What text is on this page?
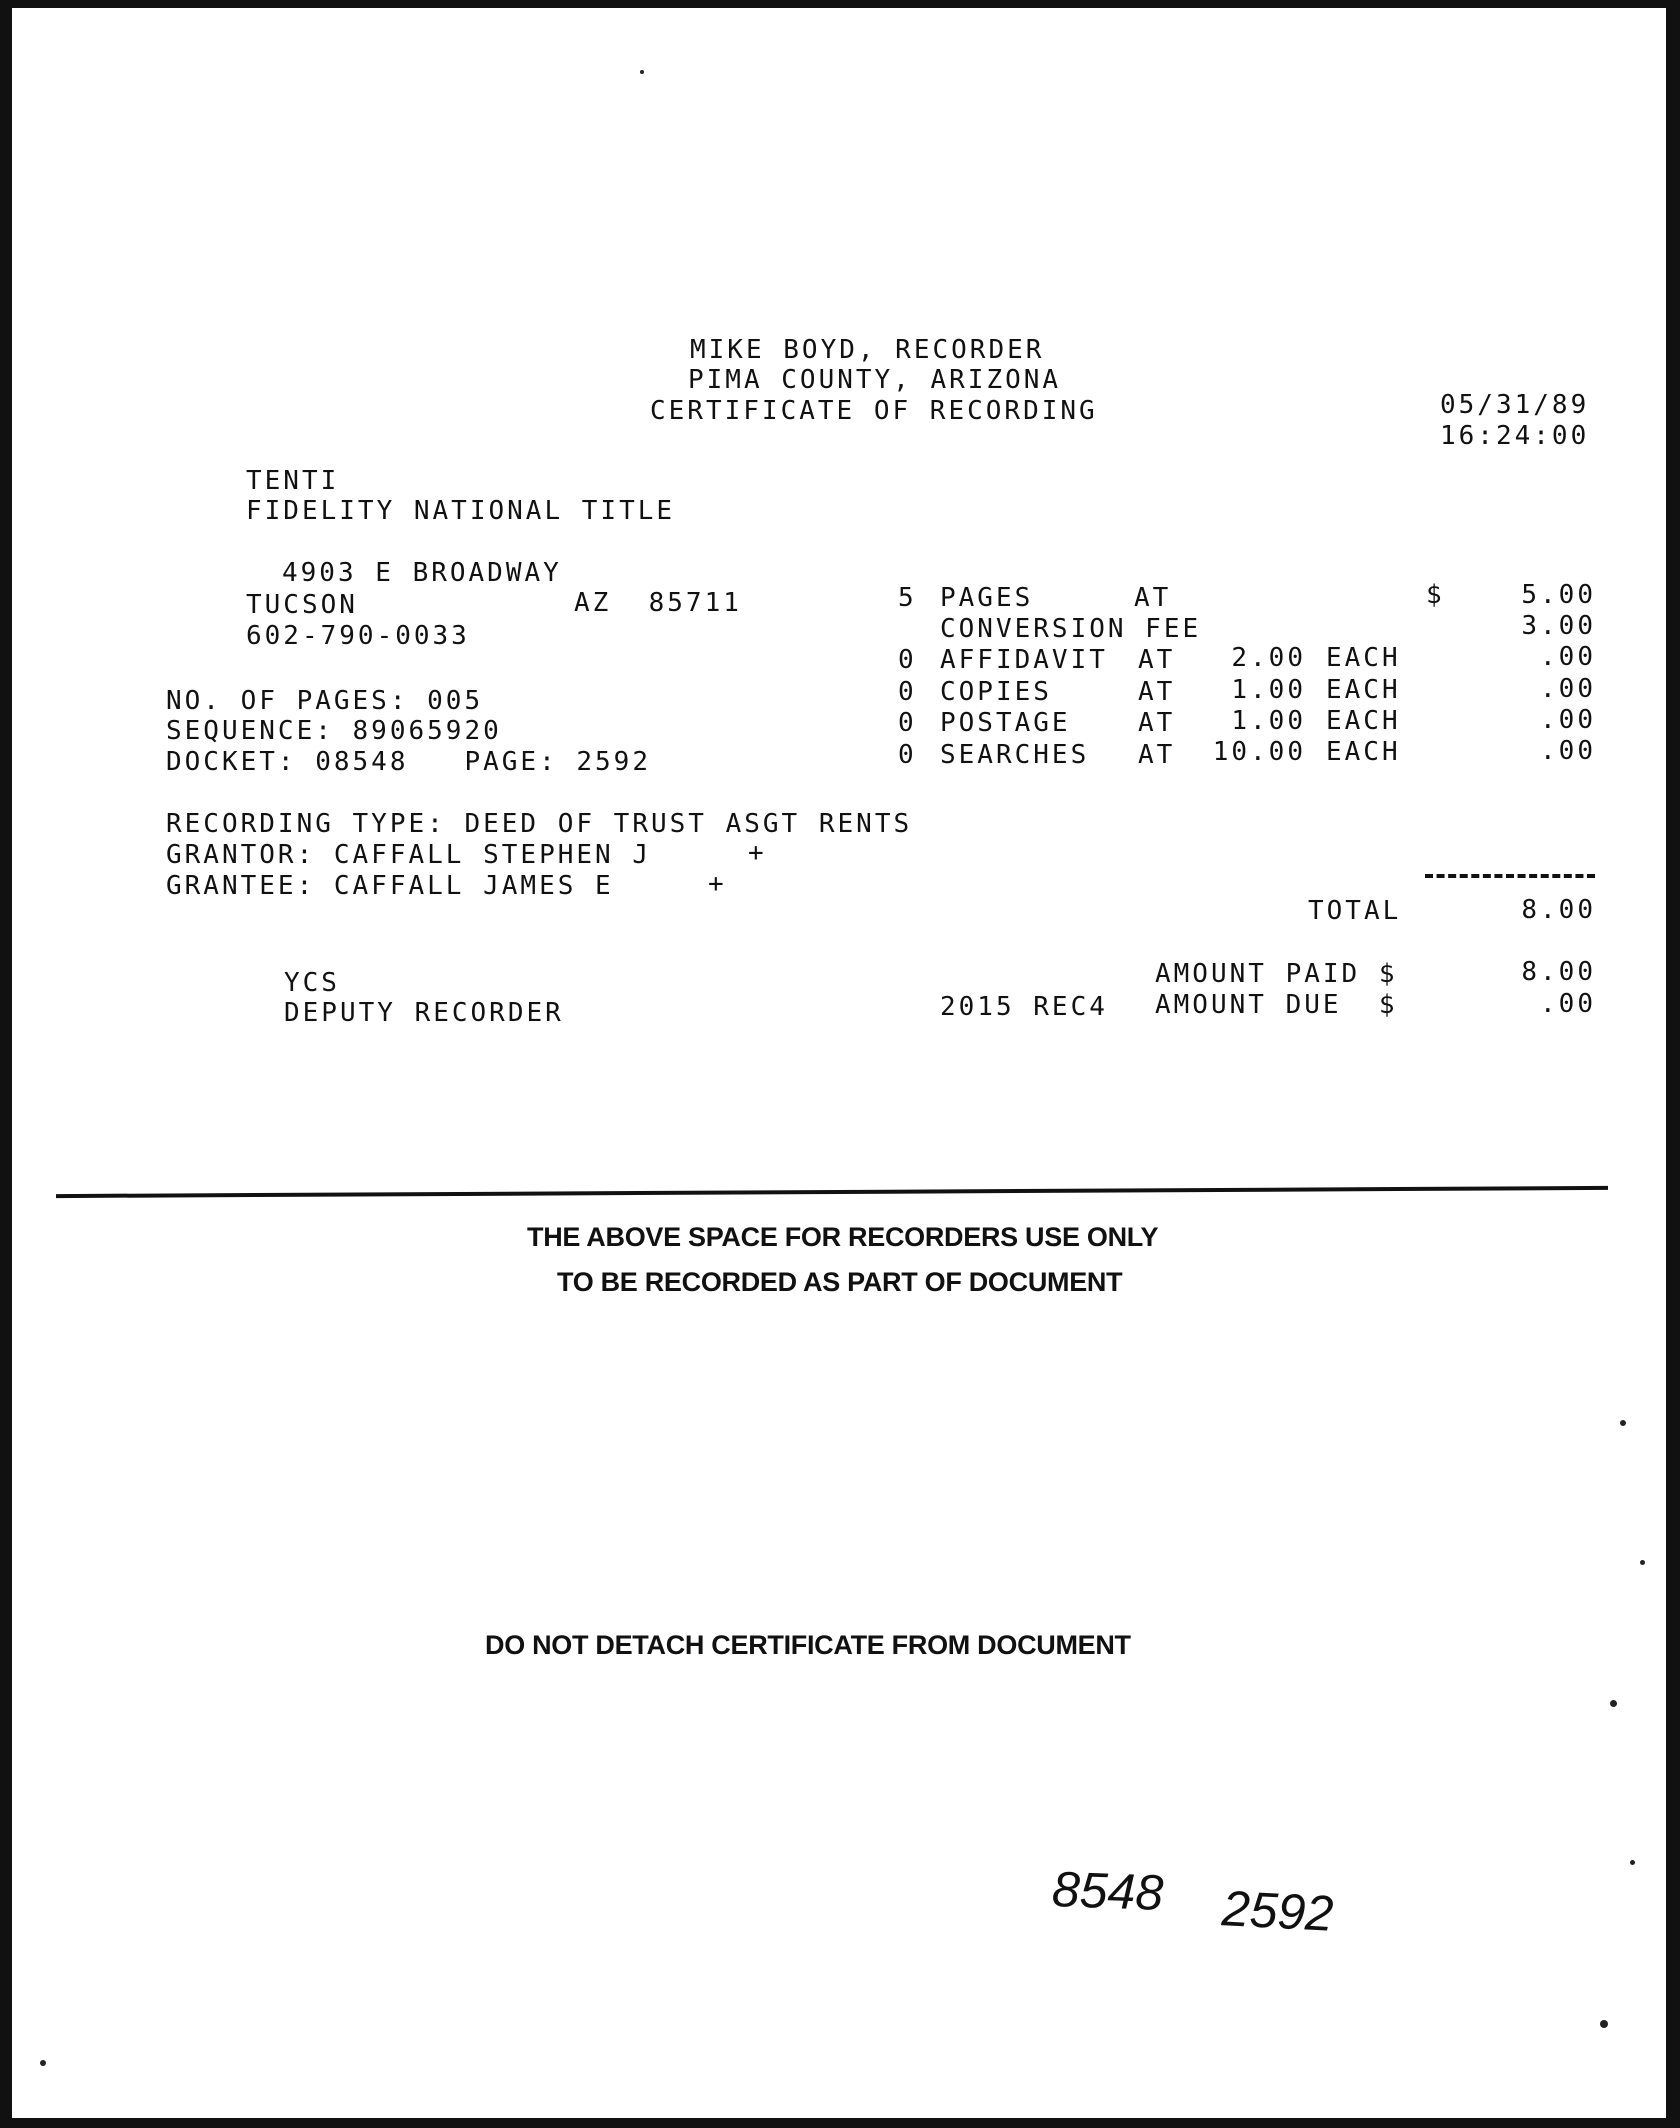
MIKE BOYD, RECORDER
PIMA COUNTY, ARIZONA
CERTIFICATE OF RECORDING	05/31/89
16:24:00
TENTI
FIDELITY NATIONAL TITLE
4903 E BROADWAY
TUCSON	AZ  85711
602-790-0033
NO. OF PAGES: 005
SEQUENCE: 89065920
DOCKET: 08548   PAGE: 2592
RECORDING TYPE: DEED OF TRUST ASGT RENTS
GRANTOR: CAFFALL STEPHEN J	+
GRANTEE: CAFFALL JAMES E	+
$
5 PAGES	AT	5.00
CONVERSION FEE	3.00
0 AFFIDAVIT AT	2.00 EACH	.00
0 COPIES	AT	1.00 EACH	.00
0 POSTAGE	AT	1.00 EACH	.00
0 SEARCHES AT	10.00 EACH	.00
TOTAL	8.00
AMOUNT PAID $	8.00
2015 REC4 AMOUNT DUE  $	.00
YCS
DEPUTY RECORDER
THE ABOVE SPACE FOR RECORDERS USE ONLY
TO BE RECORDED AS PART OF DOCUMENT
DO NOT DETACH CERTIFICATE FROM DOCUMENT
8548 2592
